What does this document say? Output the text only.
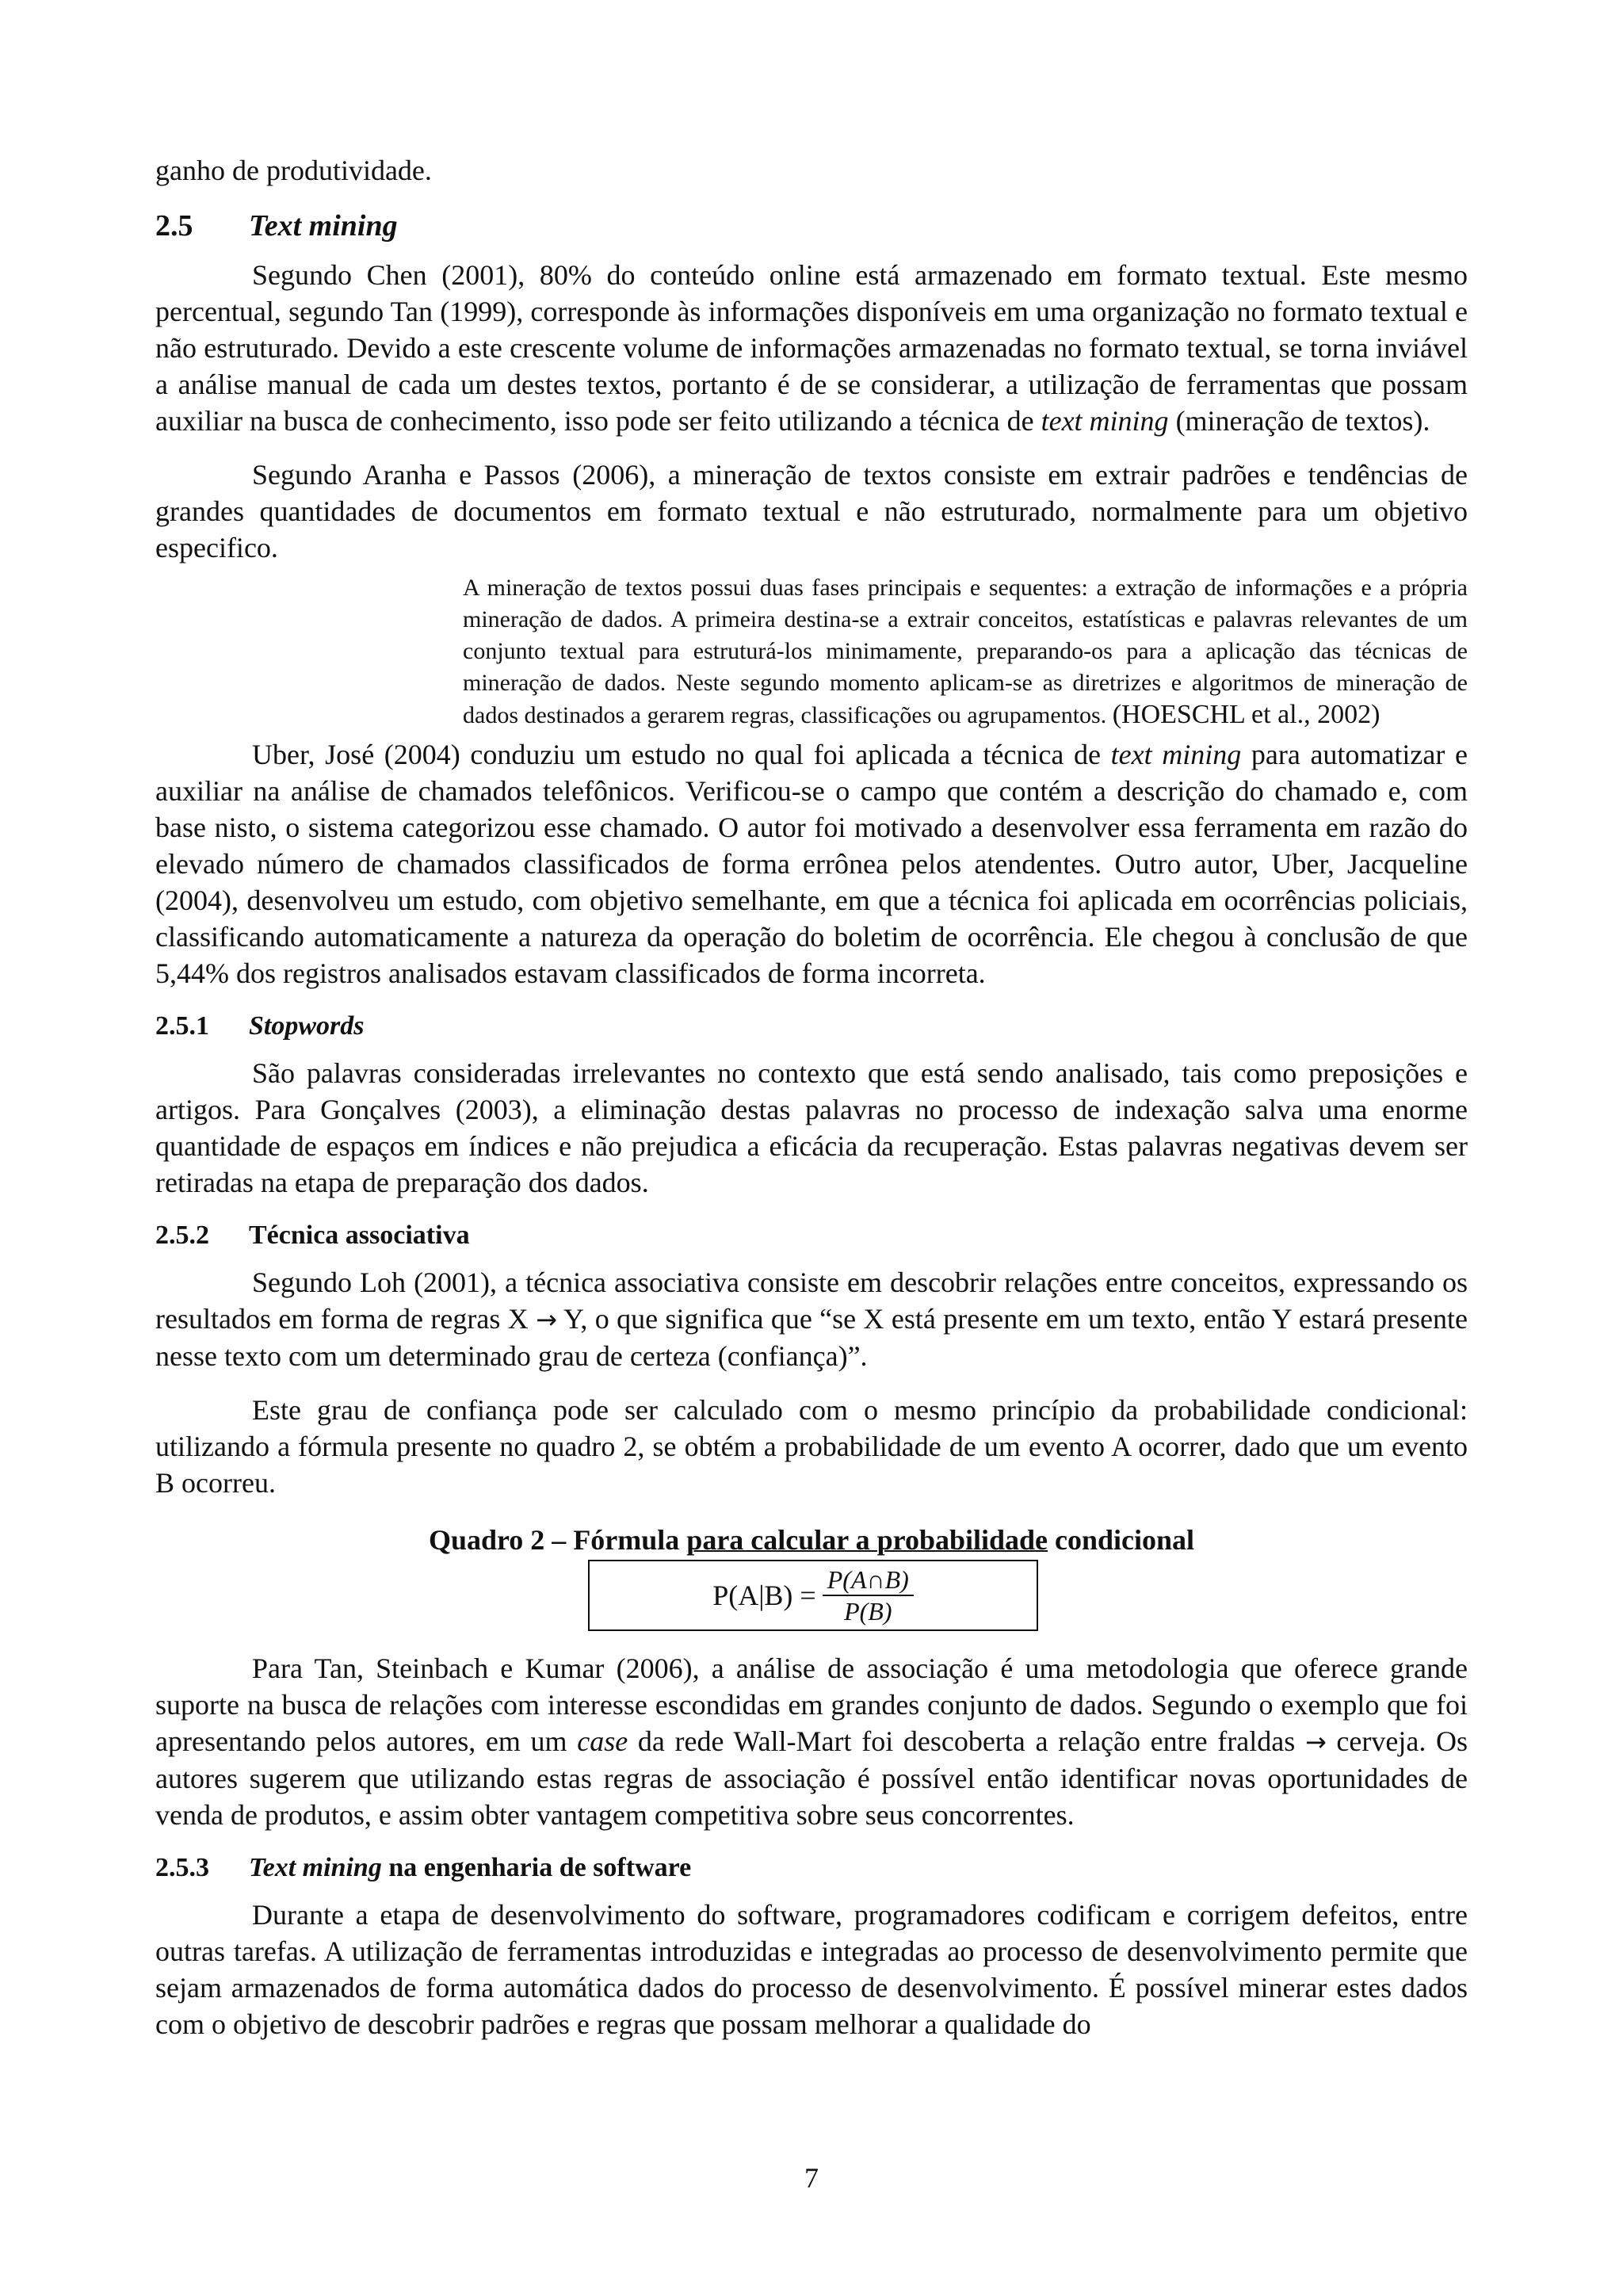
ganho de produtividade.

2.5 Text mining

Segundo Chen (2001), 80% do conteúdo online está armazenado em formato textual. Este mesmo percentual, segundo Tan (1999), corresponde às informações disponíveis em uma organização no formato textual e não estruturado. Devido a este crescente volume de informações armazenadas no formato textual, se torna inviável a análise manual de cada um destes textos, portanto é de se considerar, a utilização de ferramentas que possam auxiliar na busca de conhecimento, isso pode ser feito utilizando a técnica de text mining (mineração de textos).

Segundo Aranha e Passos (2006), a mineração de textos consiste em extrair padrões e tendências de grandes quantidades de documentos em formato textual e não estruturado, normalmente para um objetivo especifico.

A mineração de textos possui duas fases principais e sequentes: a extração de informações e a própria mineração de dados. A primeira destina-se a extrair conceitos, estatísticas e palavras relevantes de um conjunto textual para estruturá-los minimamente, preparando-os para a aplicação das técnicas de mineração de dados. Neste segundo momento aplicam-se as diretrizes e algoritmos de mineração de dados destinados a gerarem regras, classificações ou agrupamentos. (HOESCHL et al., 2002)

Uber, José (2004) conduziu um estudo no qual foi aplicada a técnica de text mining para automatizar e auxiliar na análise de chamados telefônicos. Verificou-se o campo que contém a descrição do chamado e, com base nisto, o sistema categorizou esse chamado. O autor foi motivado a desenvolver essa ferramenta em razão do elevado número de chamados classificados de forma errônea pelos atendentes. Outro autor, Uber, Jacqueline (2004), desenvolveu um estudo, com objetivo semelhante, em que a técnica foi aplicada em ocorrências policiais, classificando automaticamente a natureza da operação do boletim de ocorrência. Ele chegou à conclusão de que 5,44% dos registros analisados estavam classificados de forma incorreta.

2.5.1 Stopwords

São palavras consideradas irrelevantes no contexto que está sendo analisado, tais como preposições e artigos. Para Gonçalves (2003), a eliminação destas palavras no processo de indexação salva uma enorme quantidade de espaços em índices e não prejudica a eficácia da recuperação. Estas palavras negativas devem ser retiradas na etapa de preparação dos dados.

2.5.2 Técnica associativa

Segundo Loh (2001), a técnica associativa consiste em descobrir relações entre conceitos, expressando os resultados em forma de regras X → Y, o que significa que “se X está presente em um texto, então Y estará presente nesse texto com um determinado grau de certeza (confiança)”.

Este grau de confiança pode ser calculado com o mesmo princípio da probabilidade condicional: utilizando a fórmula presente no quadro 2, se obtém a probabilidade de um evento A ocorrer, dado que um evento B ocorreu.

Quadro 2 – Fórmula para calcular a probabilidade condicional
$P(A|B) = \frac{P(A\cap B)}{P(B)}$

Para Tan, Steinbach e Kumar (2006), a análise de associação é uma metodologia que oferece grande suporte na busca de relações com interesse escondidas em grandes conjunto de dados. Segundo o exemplo que foi apresentando pelos autores, em um case da rede Wall-Mart foi descoberta a relação entre fraldas → cerveja. Os autores sugerem que utilizando estas regras de associação é possível então identificar novas oportunidades de venda de produtos, e assim obter vantagem competitiva sobre seus concorrentes.

2.5.3 Text mining na engenharia de software

Durante a etapa de desenvolvimento do software, programadores codificam e corrigem defeitos, entre outras tarefas. A utilização de ferramentas introduzidas e integradas ao processo de desenvolvimento permite que sejam armazenados de forma automática dados do processo de desenvolvimento. É possível minerar estes dados com o objetivo de descobrir padrões e regras que possam melhorar a qualidade do

7
